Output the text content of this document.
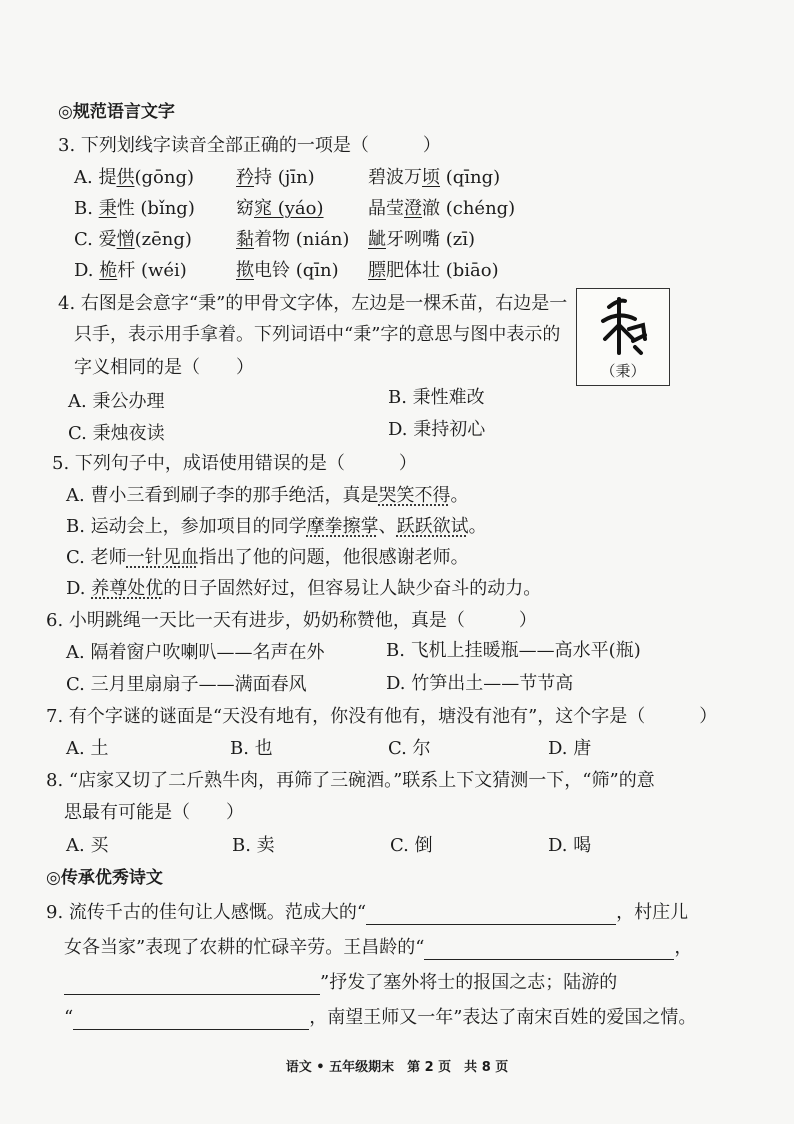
◎规范语言文字
3. 下列划线字读音全部正确的一项是（　　　）
A. 提供(gōng) 矜持 (jīn)	碧波万顷 (qīng)
B. 秉性 (bǐng) 窈窕 (yáo) 晶莹澄澈 (chéng)
C. 爱憎(zēng) 黏着物 (nián) 龇牙咧嘴 (zī)
D. 桅杆 (wéi)	揿电铃 (qīn) 膘肥体壮 (biāo)
4. 右图是会意字“秉”的甲骨文字体，左边是一棵禾苗，右边是一
只手，表示用手拿着。下列词语中“秉”字的意思与图中表示的
字义相同的是（　　）	（秉）
A. 秉公办理	B. 秉性难改
C. 秉烛夜读	D. 秉持初心
5. 下列句子中，成语使用错误的是（　　　）
A. 曹小三看到刷子李的那手绝活，真是哭笑不得。
B. 运动会上，参加项目的同学摩拳擦掌、跃跃欲试。
C. 老师一针见血指出了他的问题，他很感谢老师。
D. 养尊处优的日子固然好过，但容易让人缺少奋斗的动力。
6. 小明跳绳一天比一天有进步，奶奶称赞他，真是（　　　）
A. 隔着窗户吹喇叭——名声在外	B. 飞机上挂暖瓶——高水平(瓶)
C. 三月里扇扇子——满面春风	D. 竹笋出土——节节高
7. 有个字谜的谜面是“天没有地有，你没有他有，塘没有池有”，这个字是（　　　）
A. 土	B. 也	C. 尔	D. 唐
8. “店家又切了二斤熟牛肉，再筛了三碗酒。”联系上下文猜测一下，“筛”的意
思最有可能是（　　）
A. 买	B. 卖	C. 倒	D. 喝
◎传承优秀诗文
9. 流传千古的佳句让人感慨。范成大的“	，村庄儿
女各当家”表现了农耕的忙碌辛劳。王昌龄的“	，
”抒发了塞外将士的报国之志；陆游的
“	，南望王师又一年”表达了南宋百姓的爱国之情。
语文 • 五年级期末　第 2 页　共 8 页
